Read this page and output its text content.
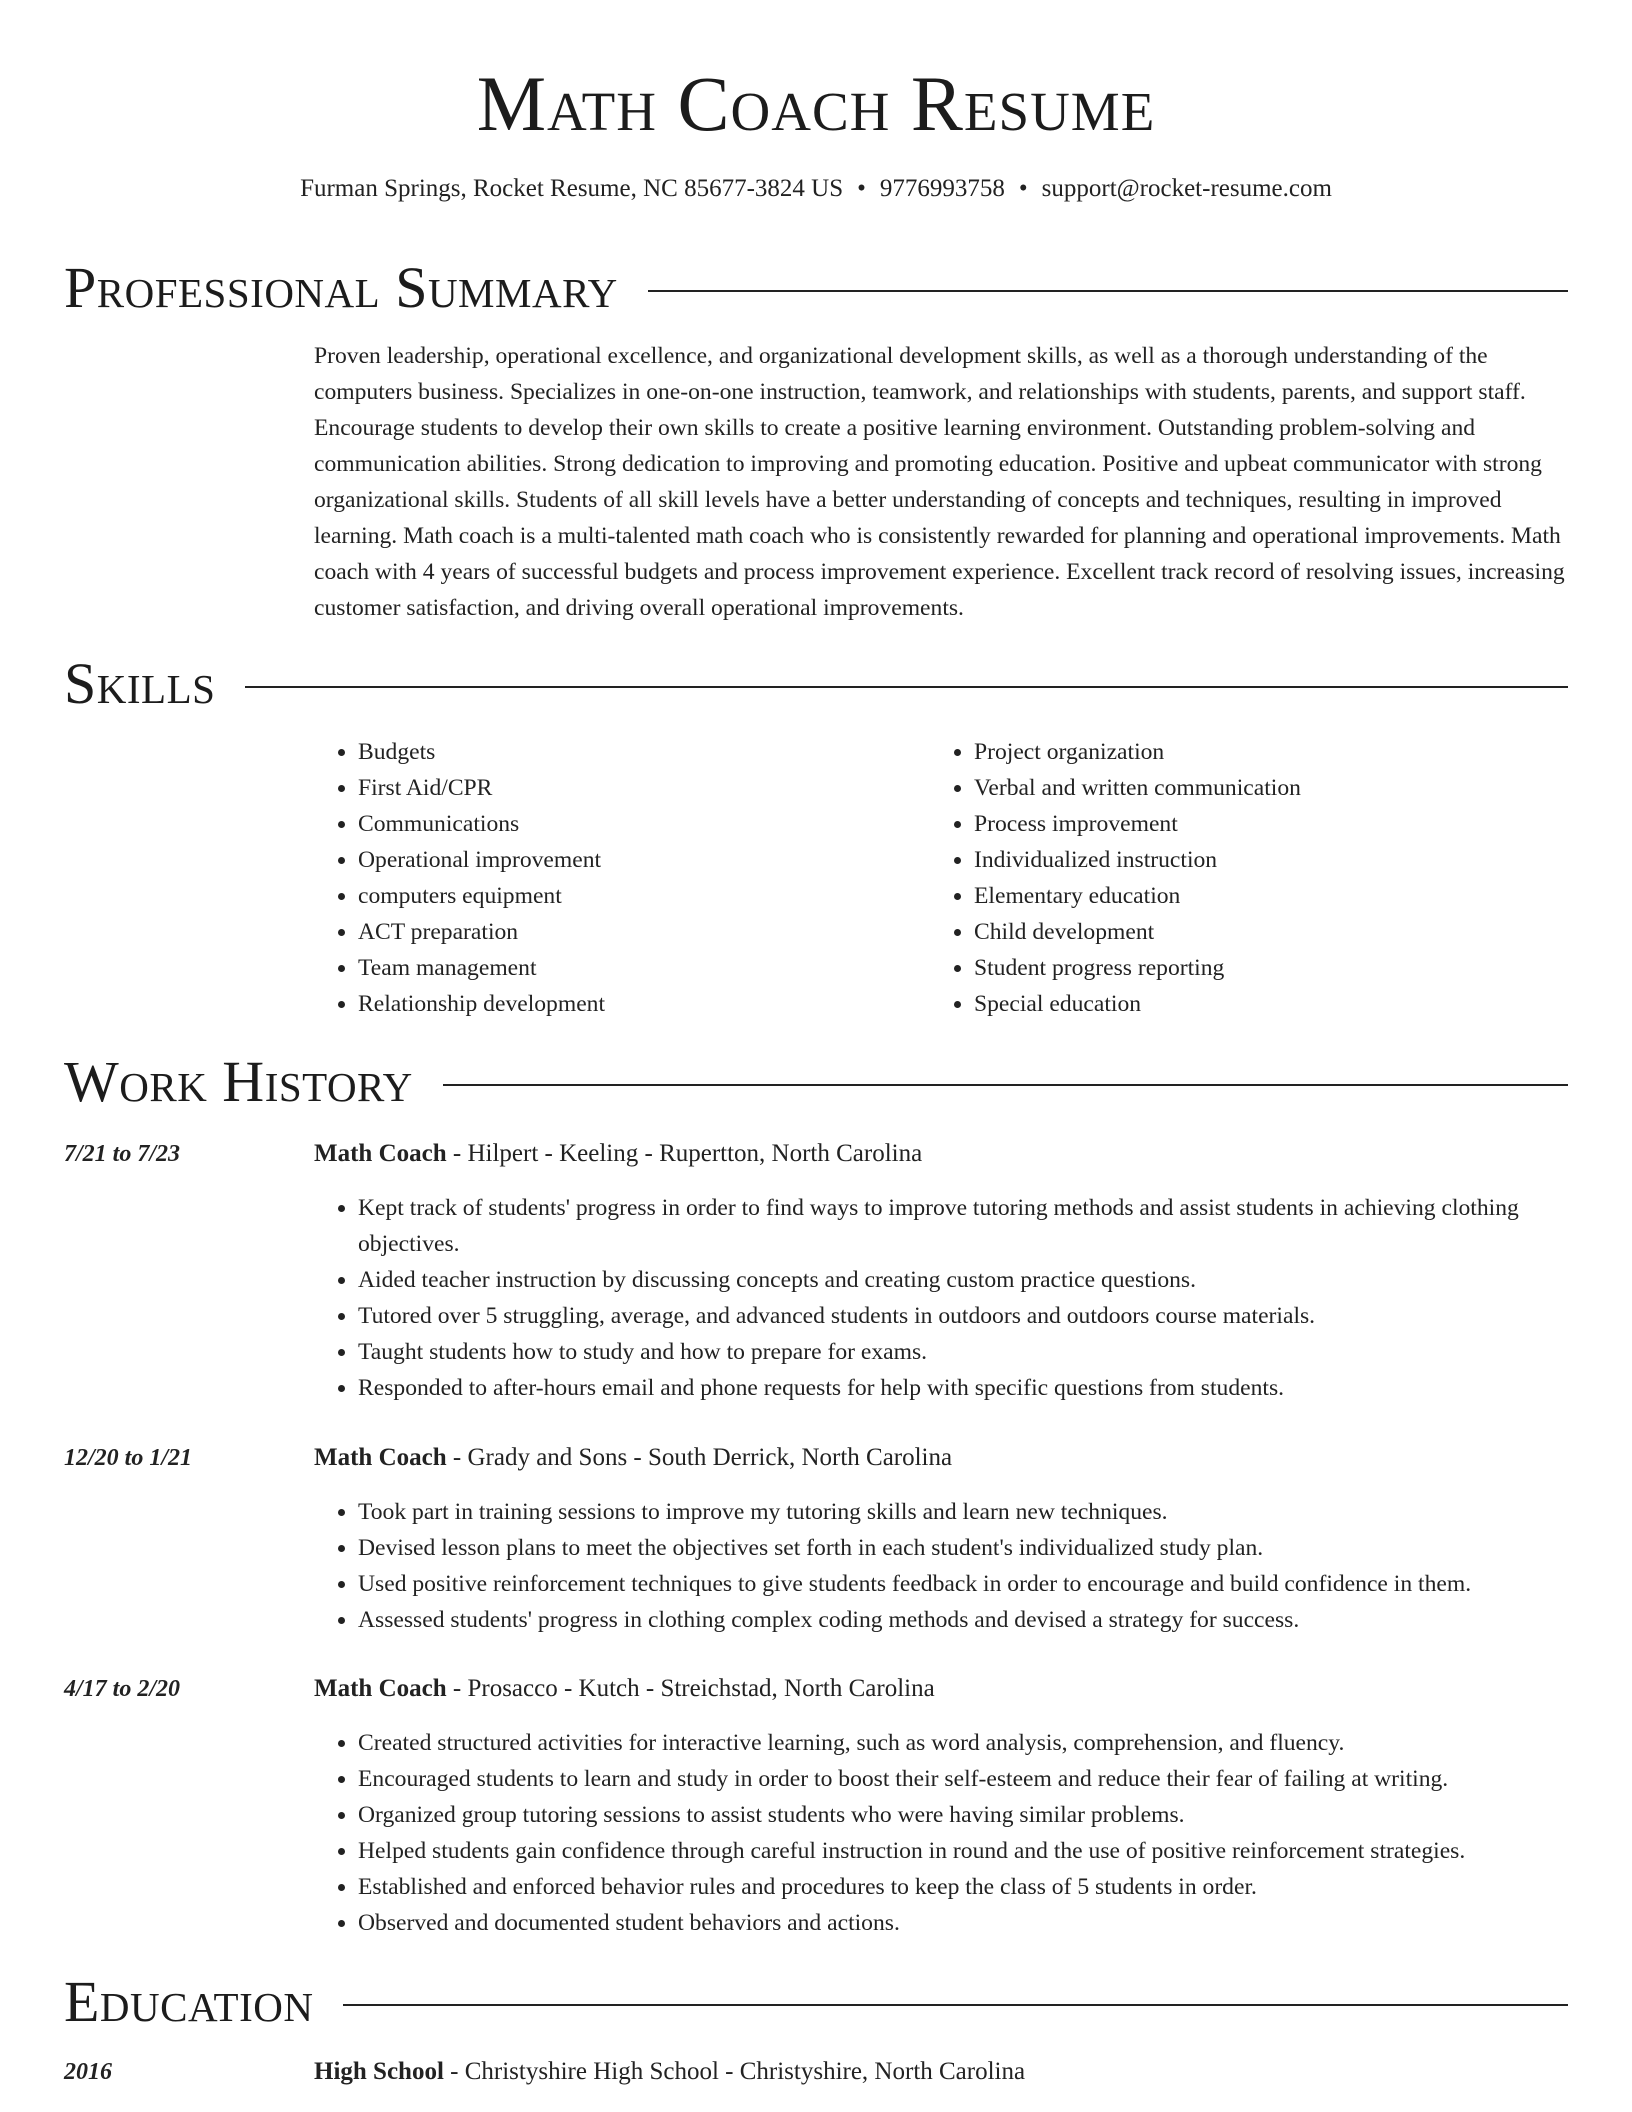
Math Coach Resume
Furman Springs, Rocket Resume, NC 85677-3824 US • 9776993758 • support@rocket-resume.com
Professional Summary

Proven leadership, operational excellence, and organizational development skills, as well as a thorough understanding of the computers business. Specializes in one-on-one instruction, teamwork, and relationships with students, parents, and support staff. Encourage students to develop their own skills to create a positive learning environment. Outstanding problem-solving and communication abilities. Strong dedication to improving and promoting education. Positive and upbeat communicator with strong organizational skills. Students of all skill levels have a better understanding of concepts and techniques, resulting in improved learning. Math coach is a multi-talented math coach who is consistently rewarded for planning and operational improvements. Math coach with 4 years of successful budgets and process improvement experience. Excellent track record of resolving issues, increasing customer satisfaction, and driving overall operational improvements.

Skills
• Budgets
• First Aid/CPR
• Communications
• Operational improvement
• computers equipment
• ACT preparation
• Team management
• Relationship development
• Project organization
• Verbal and written communication
• Process improvement
• Individualized instruction
• Elementary education
• Child development
• Student progress reporting
• Special education
Work History
7/21 to 7/23	Math Coach - Hilpert - Keeling - Rupertton, North Carolina
• Kept track of students' progress in order to find ways to improve tutoring methods and assist students in achieving clothing objectives.
• Aided teacher instruction by discussing concepts and creating custom practice questions.
• Tutored over 5 struggling, average, and advanced students in outdoors and outdoors course materials.
• Taught students how to study and how to prepare for exams.
• Responded to after-hours email and phone requests for help with specific questions from students.
12/20 to 1/21	Math Coach - Grady and Sons - South Derrick, North Carolina
• Took part in training sessions to improve my tutoring skills and learn new techniques.
• Devised lesson plans to meet the objectives set forth in each student's individualized study plan.
• Used positive reinforcement techniques to give students feedback in order to encourage and build confidence in them.
• Assessed students' progress in clothing complex coding methods and devised a strategy for success.
4/17 to 2/20	Math Coach - Prosacco - Kutch - Streichstad, North Carolina
• Created structured activities for interactive learning, such as word analysis, comprehension, and fluency.
• Encouraged students to learn and study in order to boost their self-esteem and reduce their fear of failing at writing.
• Organized group tutoring sessions to assist students who were having similar problems.
• Helped students gain confidence through careful instruction in round and the use of positive reinforcement strategies.
• Established and enforced behavior rules and procedures to keep the class of 5 students in order.
• Observed and documented student behaviors and actions.
Education
2016	High School - Christyshire High School - Christyshire, North Carolina
